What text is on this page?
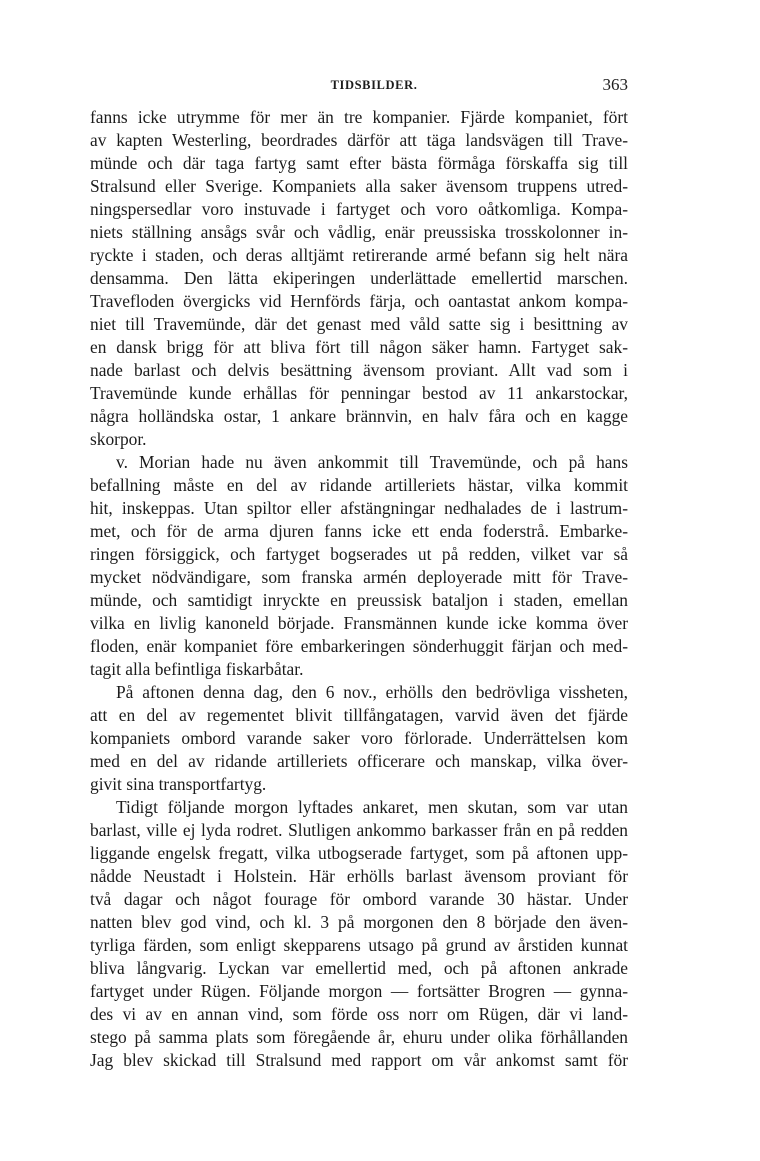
TIDSBILDER.	363
fanns icke utrymme för mer än tre kompanier. Fjärde kompaniet, fört
av kapten Westerling, beordrades därför att täga landsvägen till Trave-
münde och där taga fartyg samt efter bästa förmåga förskaffa sig till
Stralsund eller Sverige. Kompaniets alla saker ävensom truppens utred-
ningspersedlar voro instuvade i fartyget och voro oåtkomliga. Kompa-
niets ställning ansågs svår och vådlig, enär preussiska trosskolonner in-
ryckte i staden, och deras alltjämt retirerande armé befann sig helt nära
densamma. Den lätta ekiperingen underlättade emellertid marschen.
Travefloden övergicks vid Hernförds färja, och oantastat ankom kompa-
niet till Travemünde, där det genast med våld satte sig i besittning av
en dansk brigg för att bliva fört till någon säker hamn. Fartyget sak-
nade barlast och delvis besättning ävensom proviant. Allt vad som i
Travemünde kunde erhållas för penningar bestod av 11 ankarstockar,
några holländska ostar, 1 ankare brännvin, en halv fåra och en kagge
skorpor.
v. Morian hade nu även ankommit till Travemünde, och på hans
befallning måste en del av ridande artilleriets hästar, vilka kommit
hit, inskeppas. Utan spiltor eller afstängningar nedhalades de i lastrum-
met, och för de arma djuren fanns icke ett enda foderstrå. Embarke-
ringen försiggick, och fartyget bogserades ut på redden, vilket var så
mycket nödvändigare, som franska armén deployerade mitt för Trave-
münde, och samtidigt inryckte en preussisk bataljon i staden, emellan
vilka en livlig kanoneld började. Fransmännen kunde icke komma över
floden, enär kompaniet före embarkeringen sönderhuggit färjan och med-
tagit alla befintliga fiskarbåtar.
På aftonen denna dag, den 6 nov., erhölls den bedrövliga vissheten,
att en del av regementet blivit tillfångatagen, varvid även det fjärde
kompaniets ombord varande saker voro förlorade. Underrättelsen kom
med en del av ridande artilleriets officerare och manskap, vilka över-
givit sina transportfartyg.
Tidigt följande morgon lyftades ankaret, men skutan, som var utan
barlast, ville ej lyda rodret. Slutligen ankommo barkasser från en på redden
liggande engelsk fregatt, vilka utbogserade fartyget, som på aftonen upp-
nådde Neustadt i Holstein. Här erhölls barlast ävensom proviant för
två dagar och något fourage för ombord varande 30 hästar. Under
natten blev god vind, och kl. 3 på morgonen den 8 började den även-
tyrliga färden, som enligt skepparens utsago på grund av årstiden kunnat
bliva långvarig. Lyckan var emellertid med, och på aftonen ankrade
fartyget under Rügen. Följande morgon — fortsätter Brogren — gynna-
des vi av en annan vind, som förde oss norr om Rügen, där vi land-
stego på samma plats som föregående år, ehuru under olika förhållanden
Jag blev skickad till Stralsund med rapport om vår ankomst samt för
